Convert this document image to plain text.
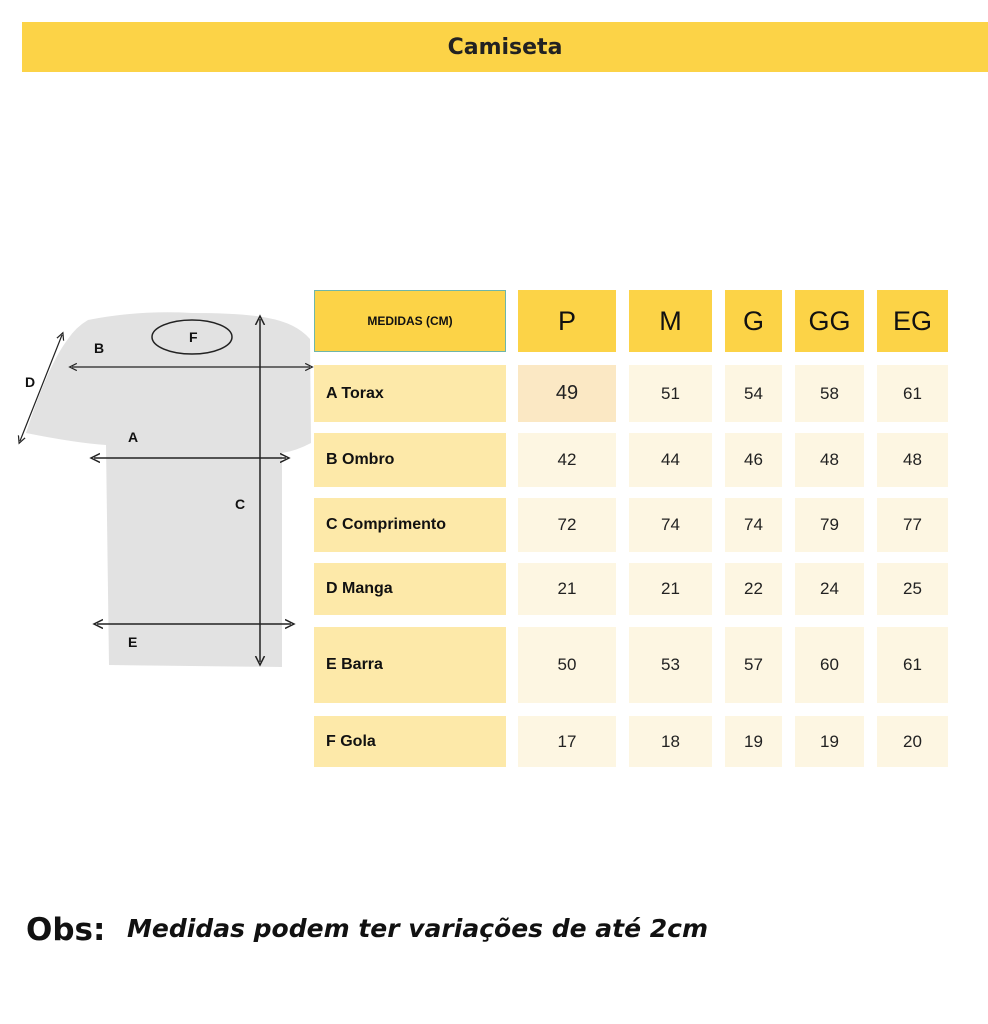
Camiseta
B
F
D
A
C
E
MEDIDAS (CM)	P	M	G	GG	EG
A Torax	49	51	54	58	61
B Ombro	42	44	46	48	48
C Comprimento	72	74	74	79	77
D Manga	21	21	22	24	25
E Barra	50	53	57	60	61
F Gola	17	18	19	19	20
Obs: Medidas podem ter variações de até 2cm
